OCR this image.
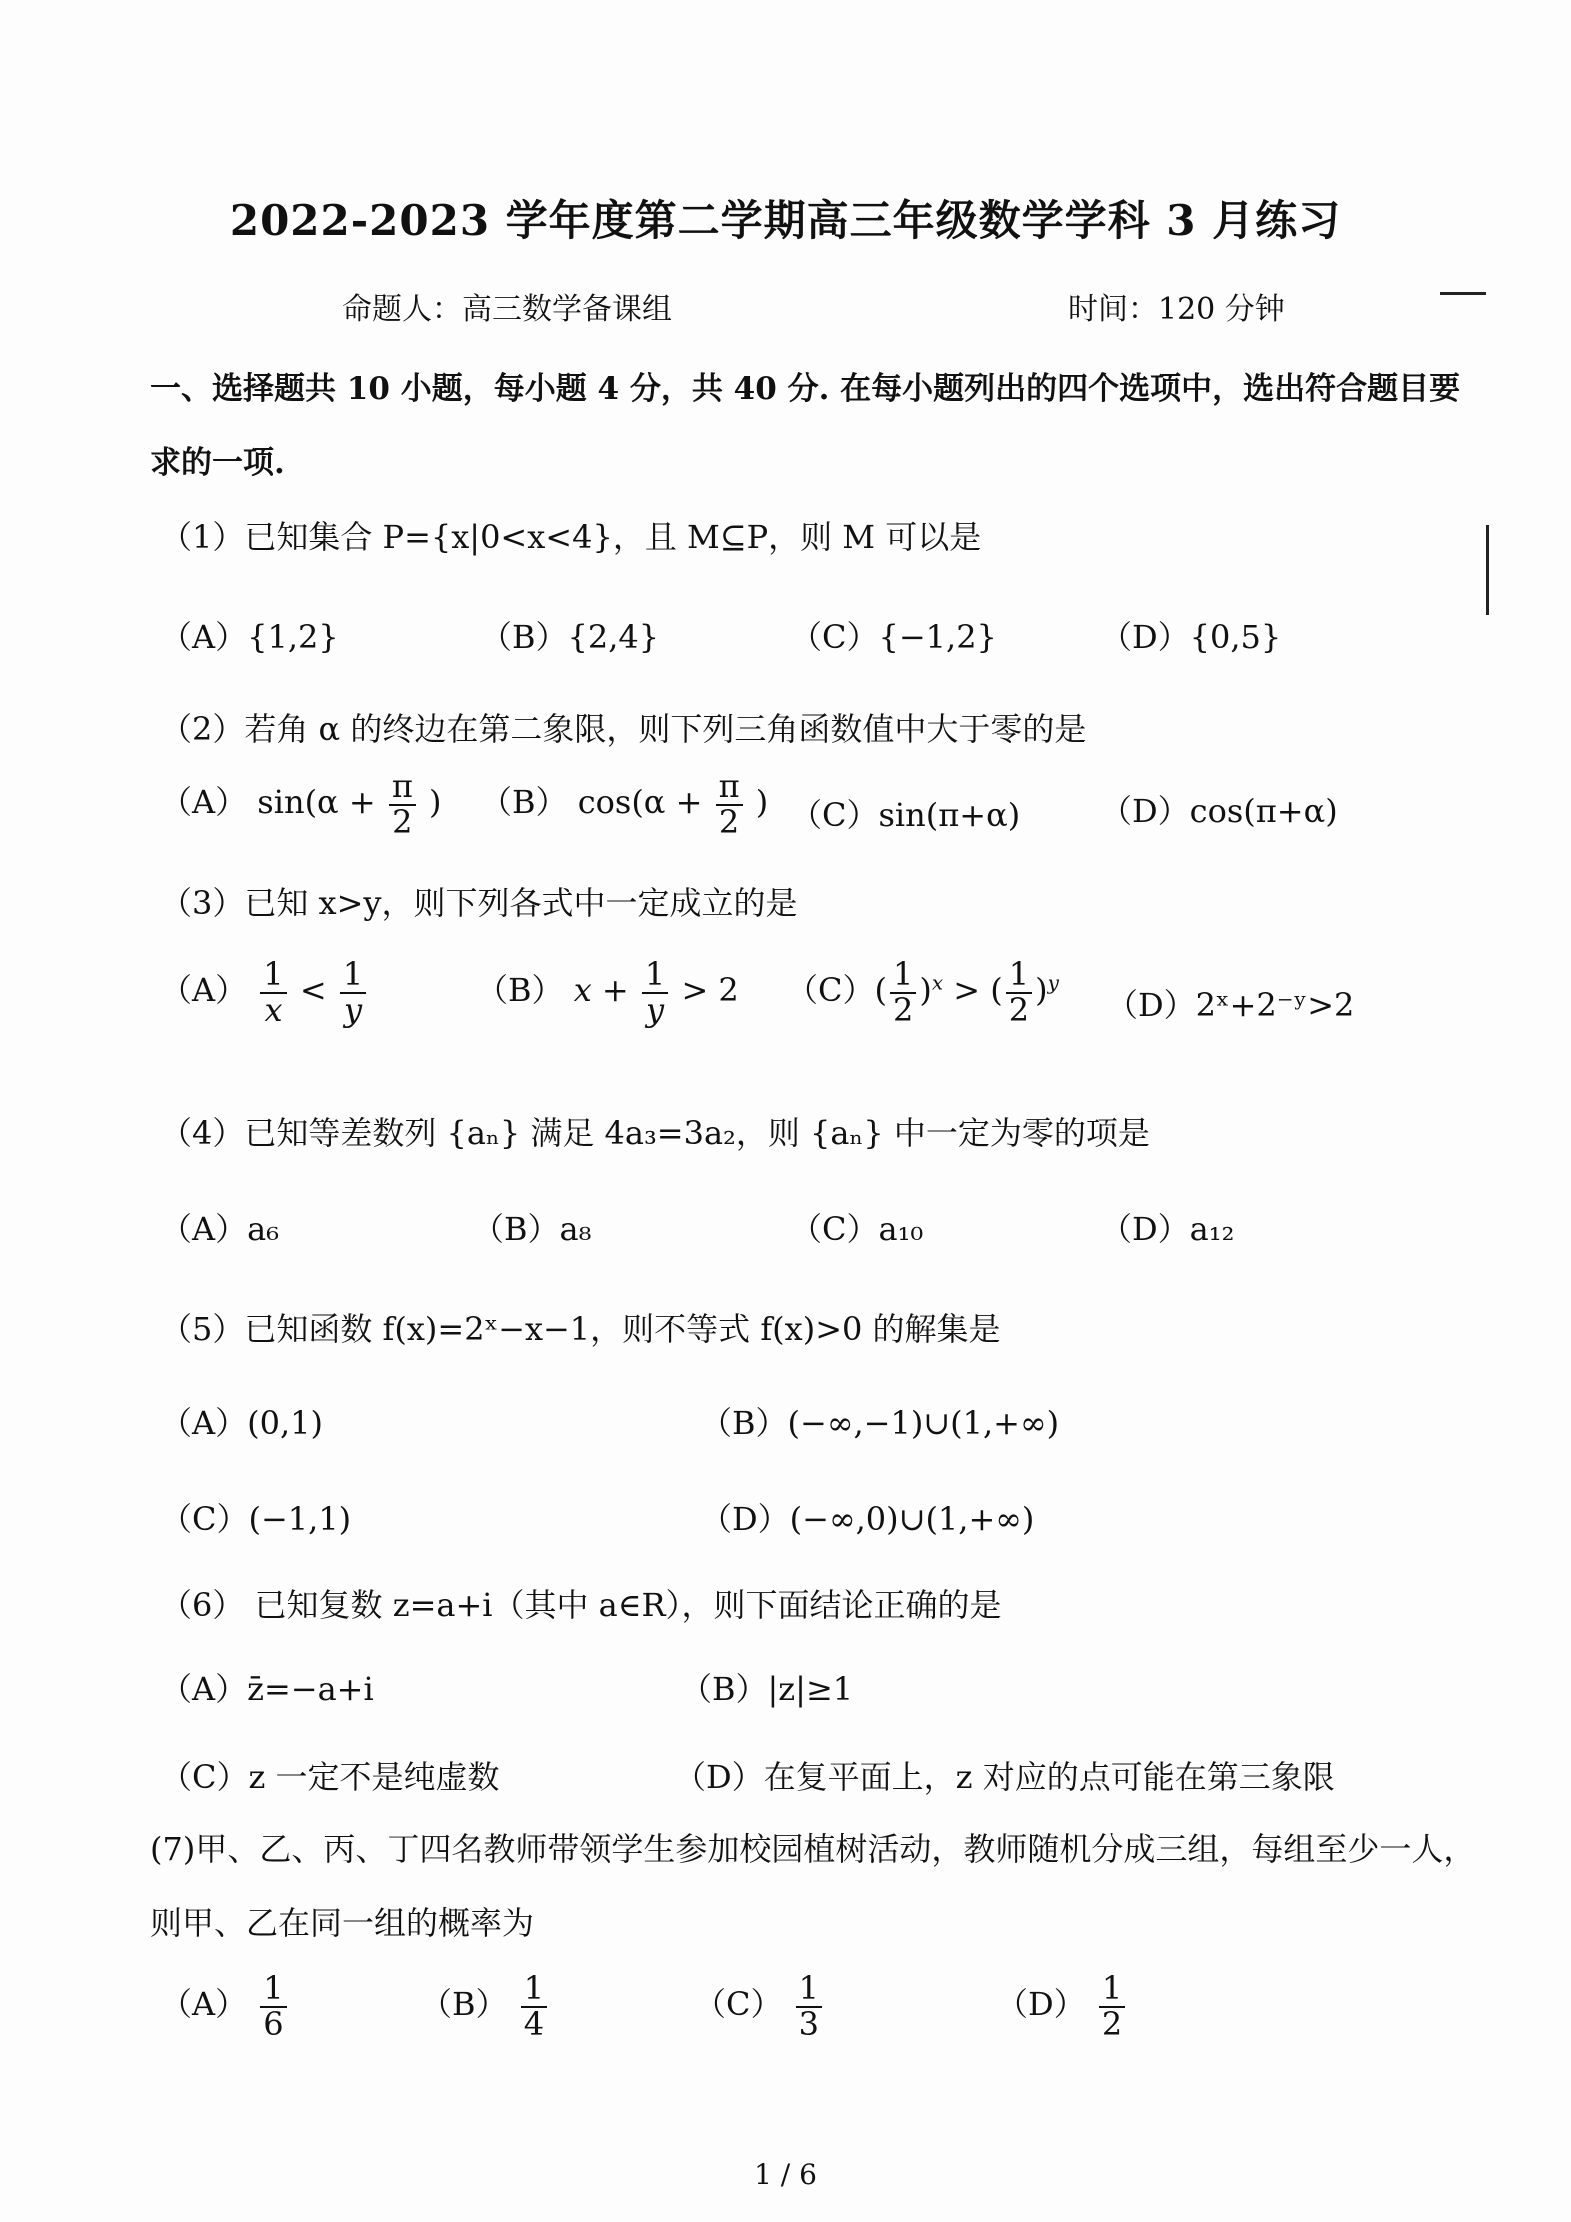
2022-2023 学年度第二学期高三年级数学学科 3 月练习
命题人：高三数学备课组	时间：120 分钟
一、选择题共 10 小题，每小题 4 分，共 40 分. 在每小题列出的四个选项中，选出符合题目要求的一项.
（1）已知集合 P={x|0<x<4}，且 M⊆P，则 M 可以是
（A）{1,2}	（B）{2,4}	（C）{−1,2}	（D）{0,5}
（2）若角 α 的终边在第二象限，则下列三角函数值中大于零的是
（A） $\sin(\alpha + \frac{\pi}{2}$ ) （B） $\cos(\alpha + \frac{\pi}{2}$ ) （C）sin(π+α) （D）cos(π+α)
（3）已知 x>y，则下列各式中一定成立的是
$(A) \frac{1}{x} < \frac{1}{y}$	（B） $x + \frac{1}{y} > 2$ $(C)( \frac{1}{2} )^x$ > ( $\frac{1}{2} )^y$
（D）2ˣ+2⁻ʸ>2
（4）已知等差数列 {aₙ} 满足 4a₃=3a₂，则 {aₙ} 中一定为零的项是
（A）a₆	（B）a₈	（C）a₁₀	（D）a₁₂
（5）已知函数 f(x)=2ˣ−x−1，则不等式 f(x)>0 的解集是
（A）(0,1)	（B）(−∞,−1)∪(1,+∞)
（C）(−1,1)	（D）(−∞,0)∪(1,+∞)
（6） 已知复数 z=a+i（其中 a∈R），则下面结论正确的是
（A）z̄=−a+i	（B）|z|≥1
（C）z 一定不是纯虚数	（D）在复平面上，z 对应的点可能在第三象限
(7)甲、乙、丙、丁四名教师带领学生参加校园植树活动，教师随机分成三组，每组至少一人，则甲、乙在同一组的概率为
$(A) \frac{1}{6}$	$(B) \frac{1}{4}$	$(C) \frac{1}{3}$	$(D) \frac{1}{2}$
1 / 6
